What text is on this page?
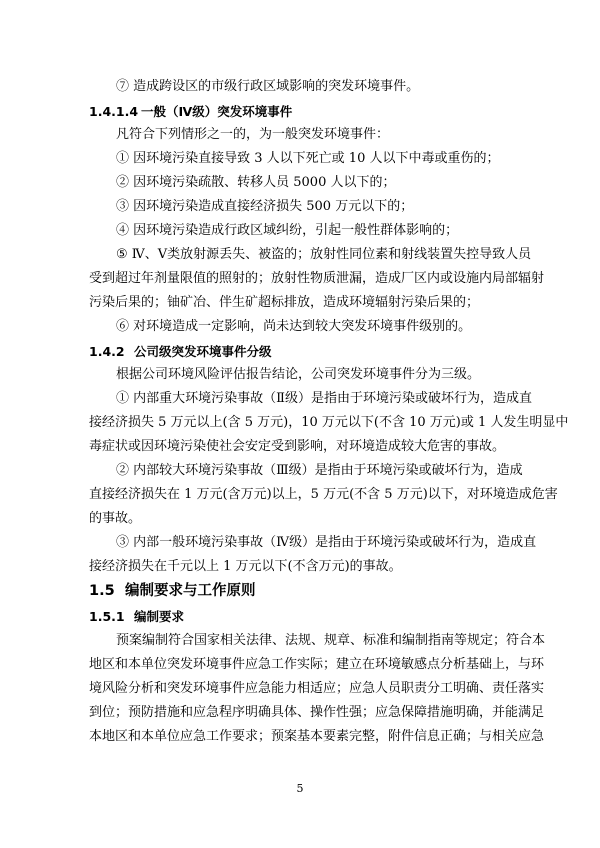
⑦ 造成跨设区的市级行政区域影响的突发环境事件。
1.4.1.4 一般（Ⅳ级）突发环境事件
凡符合下列情形之一的，为一般突发环境事件：
① 因环境污染直接导致 3 人以下死亡或 10 人以下中毒或重伤的；
② 因环境污染疏散、转移人员 5000 人以下的；
③ 因环境污染造成直接经济损失 500 万元以下的；
④ 因环境污染造成行政区域纠纷，引起一般性群体影响的；
⑤ Ⅳ、Ⅴ类放射源丢失、被盗的；放射性同位素和射线装置失控导致人员
受到超过年剂量限值的照射的；放射性物质泄漏，造成厂区内或设施内局部辐射
污染后果的；铀矿冶、伴生矿超标排放，造成环境辐射污染后果的；
⑥ 对环境造成一定影响，尚未达到较大突发环境事件级别的。
1.4.2 公司级突发环境事件分级
根据公司环境风险评估报告结论，公司突发环境事件分为三级。
① 内部重大环境污染事故（Ⅱ级）是指由于环境污染或破坏行为，造成直
接经济损失 5 万元以上(含 5 万元)，10 万元以下(不含 10 万元)或 1 人发生明显中
毒症状或因环境污染使社会安定受到影响，对环境造成较大危害的事故。
② 内部较大环境污染事故（Ⅲ级）是指由于环境污染或破坏行为，造成
直接经济损失在 1 万元(含万元)以上，5 万元(不含 5 万元)以下，对环境造成危害
的事故。
③ 内部一般环境污染事故（Ⅳ级）是指由于环境污染或破坏行为，造成直
接经济损失在千元以上 1 万元以下(不含万元)的事故。
1.5 编制要求与工作原则
1.5.1 编制要求
预案编制符合国家相关法律、法规、规章、标准和编制指南等规定；符合本
地区和本单位突发环境事件应急工作实际；建立在环境敏感点分析基础上，与环
境风险分析和突发环境事件应急能力相适应；应急人员职责分工明确、责任落实
到位；预防措施和应急程序明确具体、操作性强；应急保障措施明确，并能满足
本地区和本单位应急工作要求；预案基本要素完整，附件信息正确；与相关应急
5
